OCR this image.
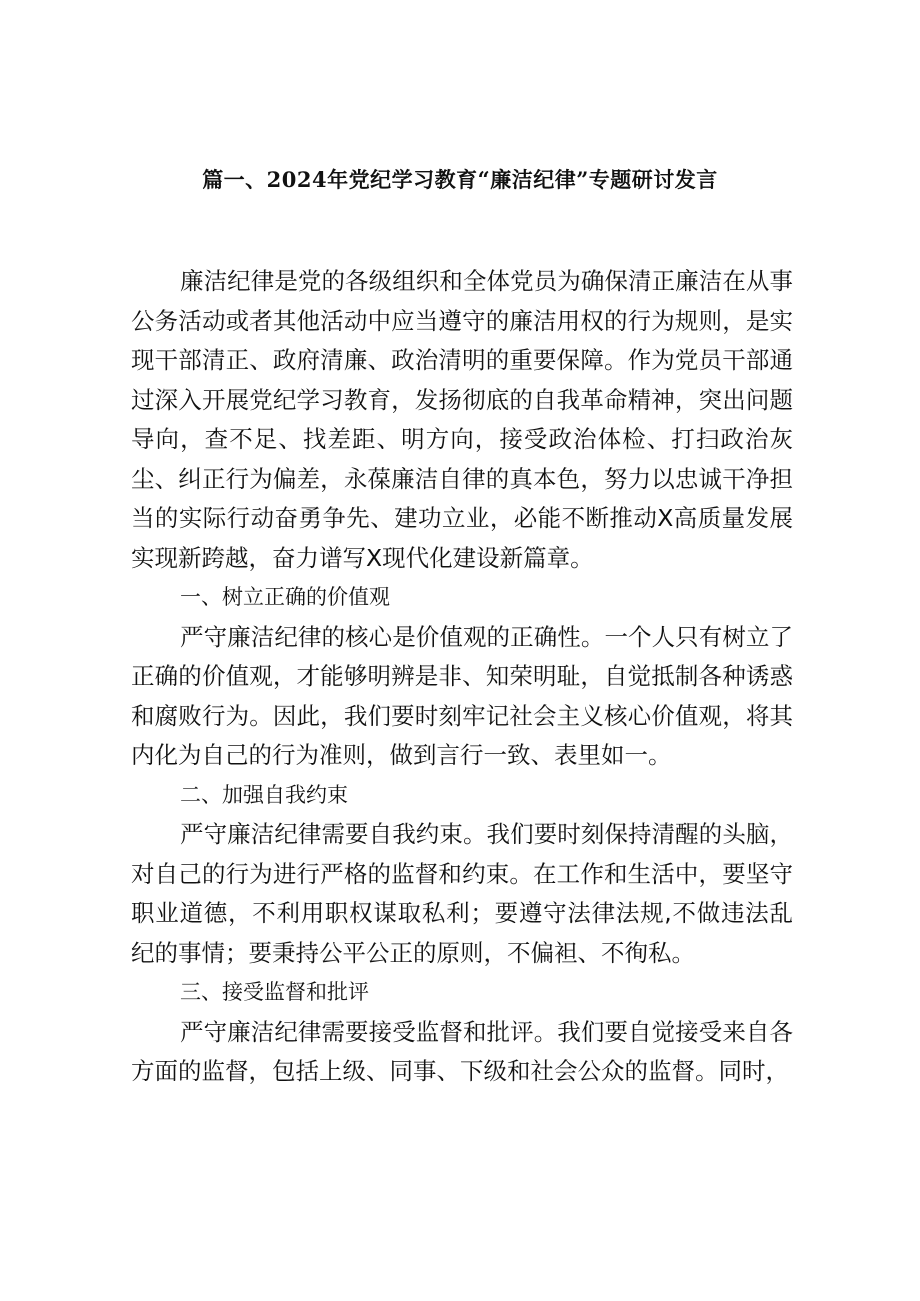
篇一、2024年党纪学习教育“廉洁纪律”专题研讨发言

廉洁纪律是党的各级组织和全体党员为确保清正廉洁在从事公务活动或者其他活动中应当遵守的廉洁用权的行为规则，是实现干部清正、政府清廉、政治清明的重要保障。作为党员干部通过深入开展党纪学习教育，发扬彻底的自我革命精神，突出问题导向，查不足、找差距、明方向，接受政治体检、打扫政治灰尘、纠正行为偏差，永葆廉洁自律的真本色，努力以忠诚干净担当的实际行动奋勇争先、建功立业，必能不断推动X高质量发展实现新跨越，奋力谱写X现代化建设新篇章。

一、树立正确的价值观

严守廉洁纪律的核心是价值观的正确性。一个人只有树立了正确的价值观，才能够明辨是非、知荣明耻，自觉抵制各种诱惑和腐败行为。因此，我们要时刻牢记社会主义核心价值观，将其内化为自己的行为准则，做到言行一致、表里如一。

二、加强自我约束

严守廉洁纪律需要自我约束。我们要时刻保持清醒的头脑，对自己的行为进行严格的监督和约束。在工作和生活中，要坚守职业道德，不利用职权谋取私利；要遵守法律法规,不做违法乱纪的事情；要秉持公平公正的原则，不偏袒、不徇私。

三、接受监督和批评

严守廉洁纪律需要接受监督和批评。我们要自觉接受来自各方面的监督，包括上级、同事、下级和社会公众的监督。同时，
